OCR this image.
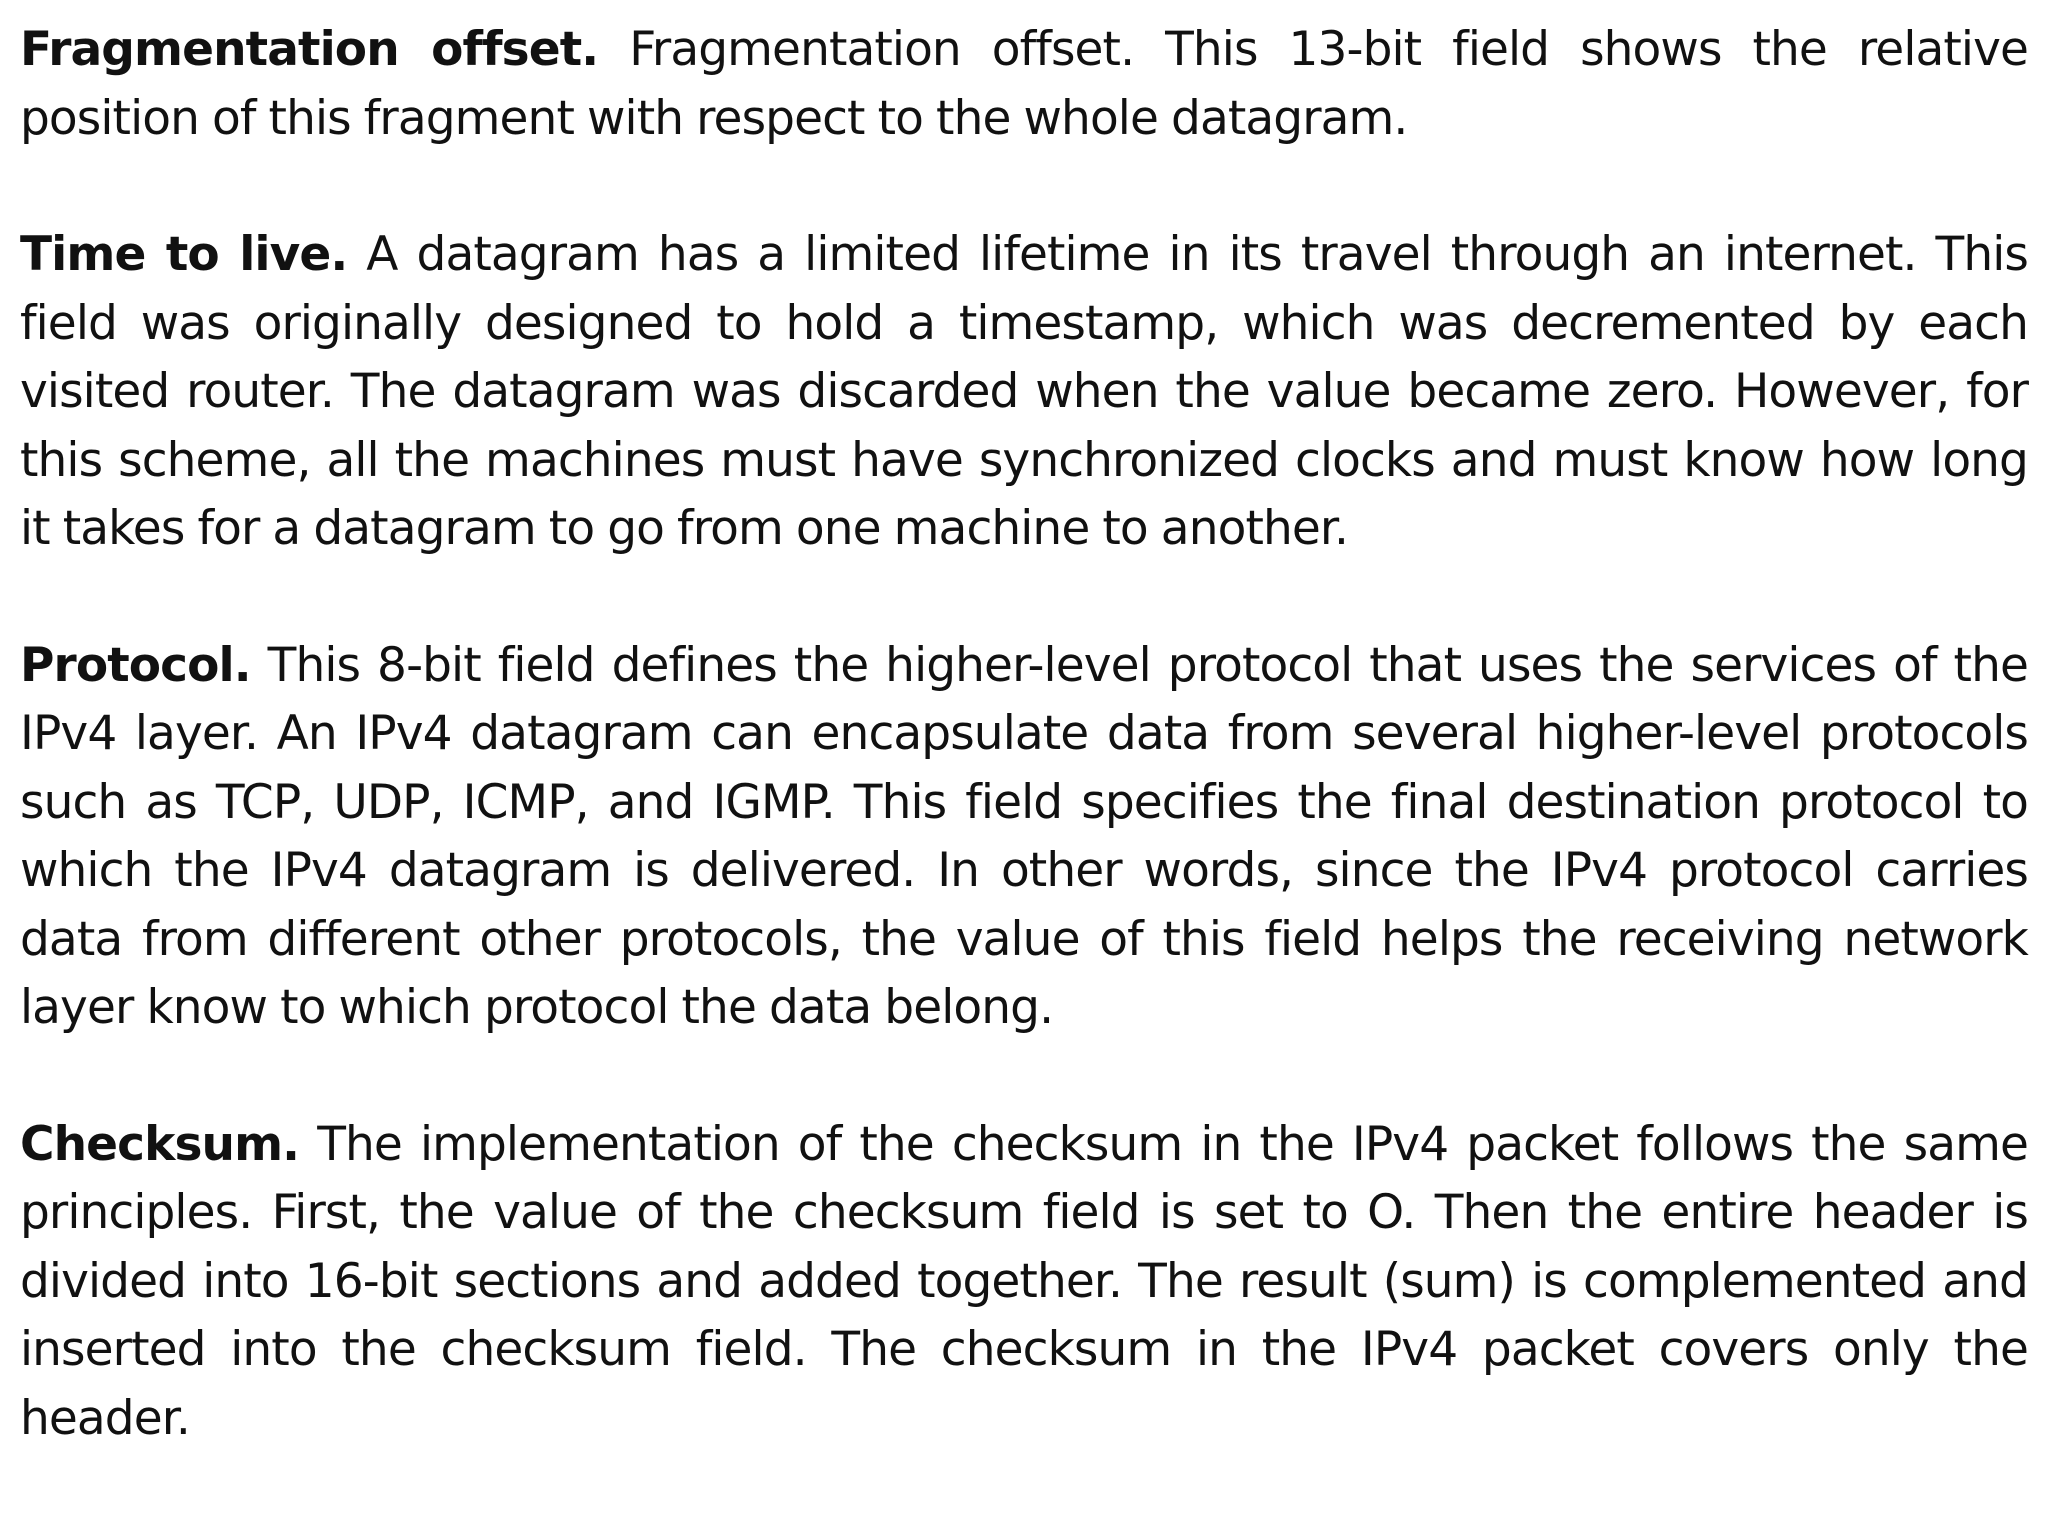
Fragmentation offset. Fragmentation offset. This 13-bit field shows the relative position of this fragment with respect to the whole datagram.

Time to live. A datagram has a limited lifetime in its travel through an internet. This field was originally designed to hold a timestamp, which was decremented by each visited router. The datagram was discarded when the value became zero. However, for this scheme, all the machines must have synchronized clocks and must know how long it takes for a datagram to go from one machine to another.

Protocol. This 8-bit field defines the higher-level protocol that uses the services of the IPv4 layer. An IPv4 datagram can encapsulate data from several higher-level protocols such as TCP, UDP, ICMP, and IGMP. This field specifies the final destination protocol to which the IPv4 datagram is delivered. In other words, since the IPv4 protocol carries data from different other protocols, the value of this field helps the receiving network layer know to which protocol the data belong.

Checksum. The implementation of the checksum in the IPv4 packet follows the same principles. First, the value of the checksum field is set to O. Then the entire header is divided into 16-bit sections and added together. The result (sum) is complemented and inserted into the checksum field. The checksum in the IPv4 packet covers only the header.
